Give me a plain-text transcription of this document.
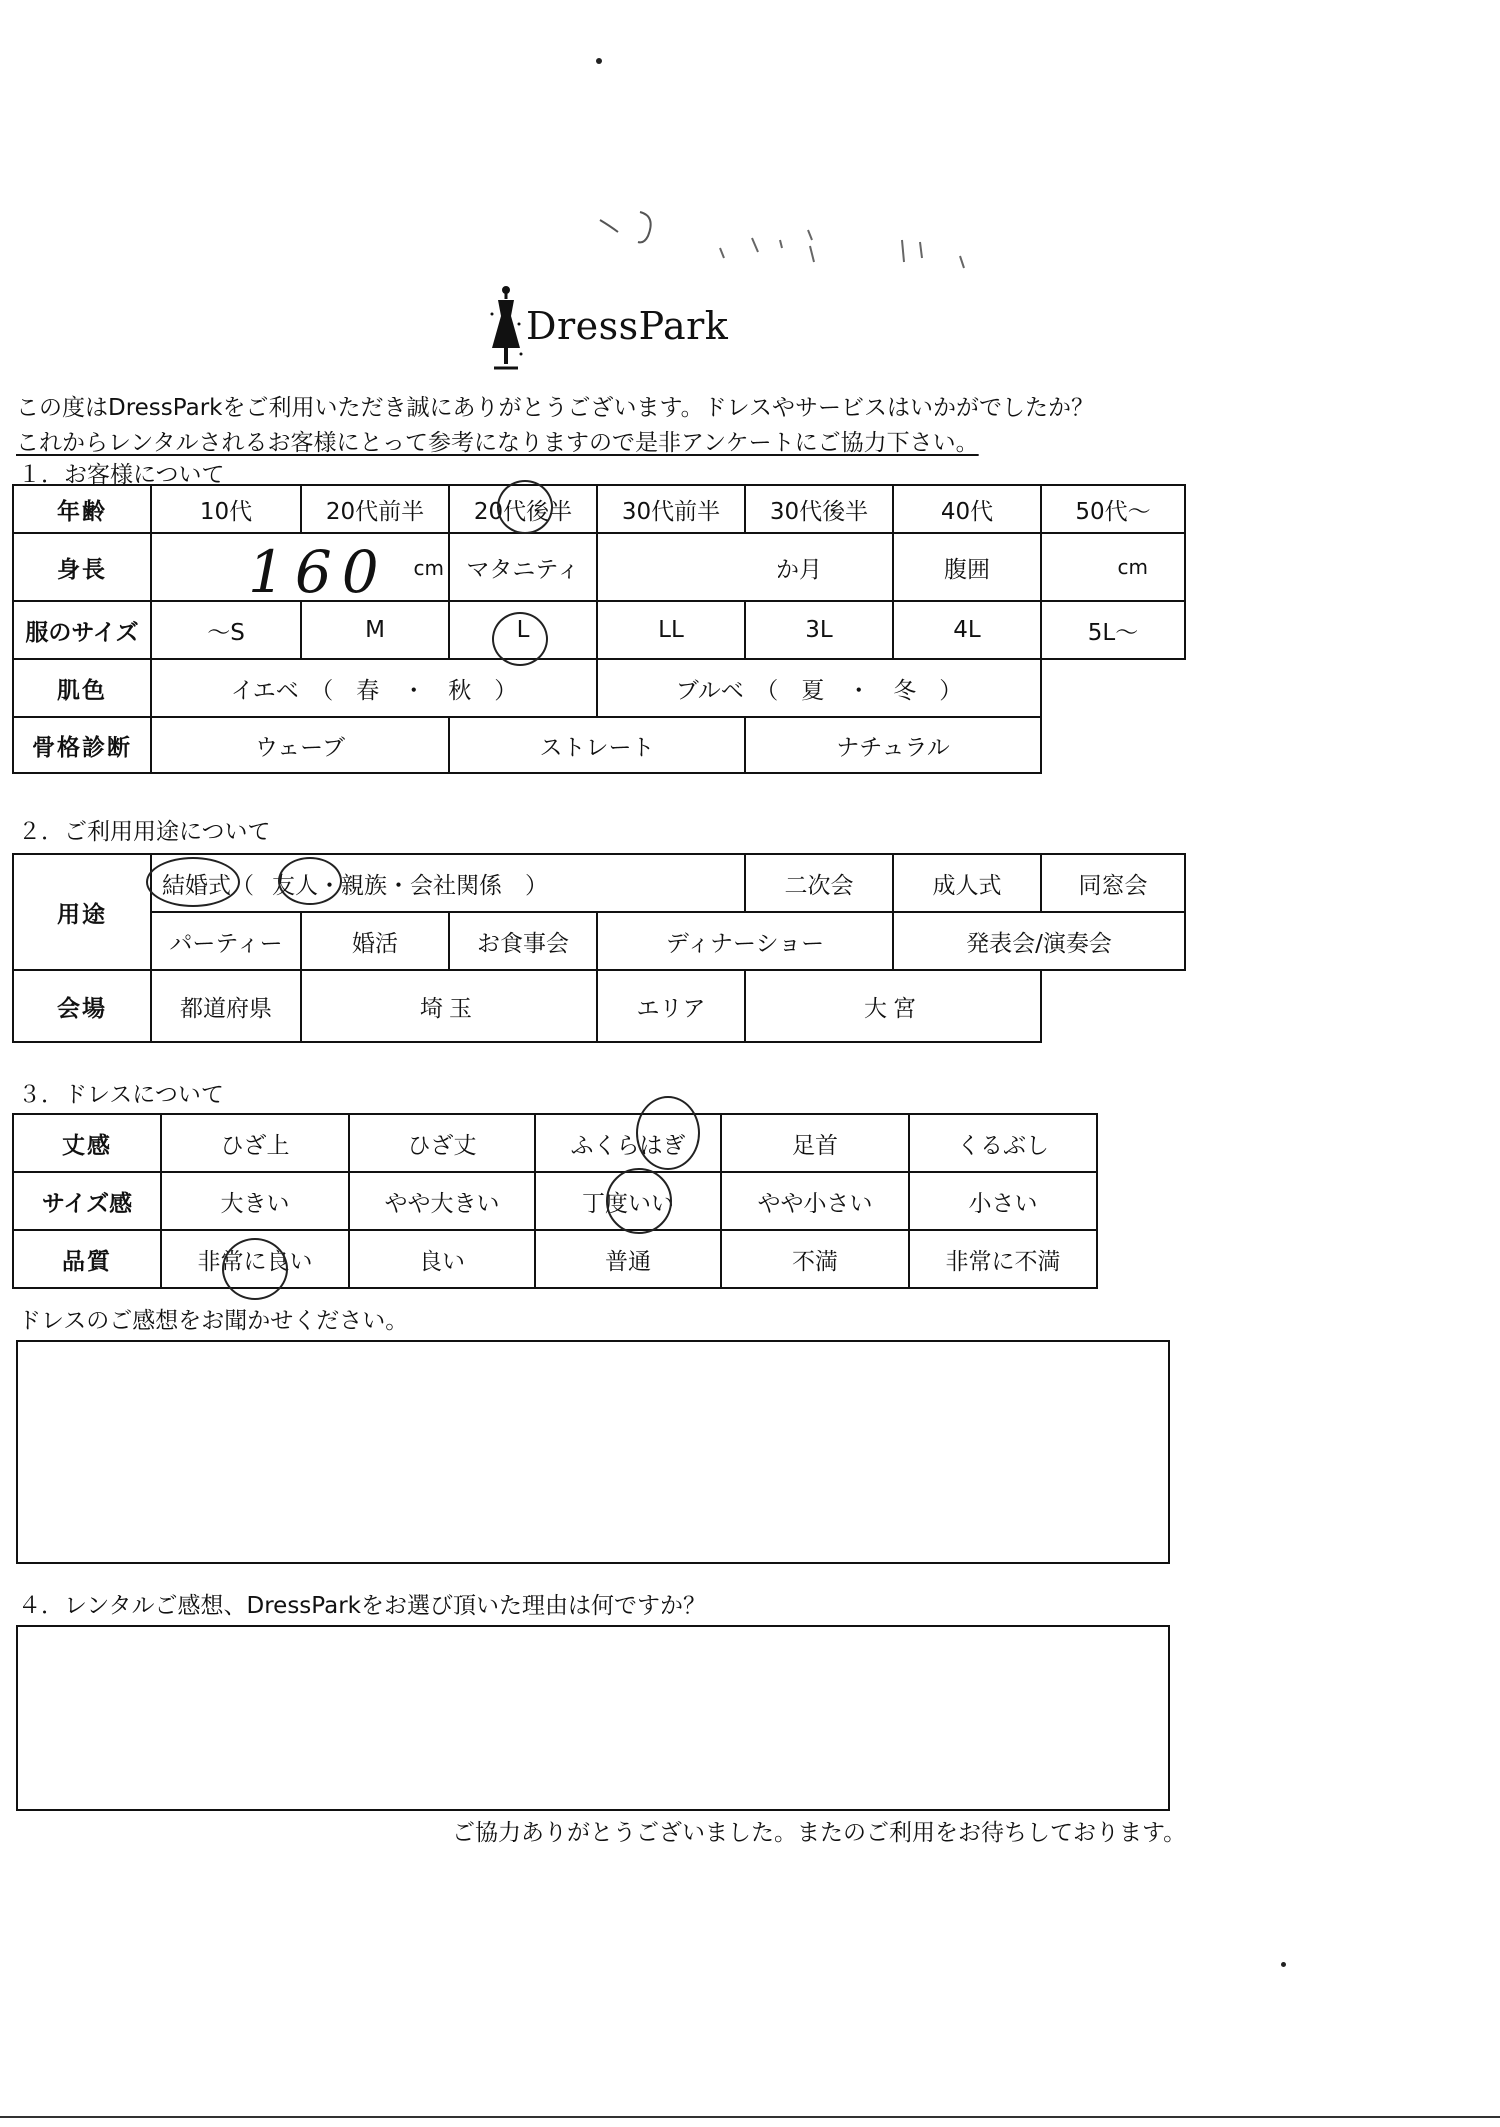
DressPark
この度はDressParkをご利用いただき誠にありがとうございます。ドレスやサービスはいかがでしたか？
これからレンタルされるお客様にとって参考になりますので是非アンケートにご協力下さい。
１．お客様について
年齢	10代	20代前半	20代後半	30代前半	30代後半	40代	50代～
身長	160 cm		マタニティ	か月		腹囲	cm
服のサイズ	～S	M	L	LL	3L	4L	5L～
肌色	イエベ　（　春　・　秋　）			ブルベ　（　夏　・　冬　）			
骨格診断	ウェーブ		ストレート		ナチュラル		
２．ご利用用途について
用途	結婚式（ 友人・親族・会社関係　）				二次会	成人式	同窓会	
	パーティー	婚活	お食事会	ディナーショー		発表会/演奏会		
会場	都道府県	埼玉		エリア	大宮			
３．ドレスについて
丈感	ひざ上	ひざ丈	ふくらはぎ	足首	くるぶし
サイズ感	大きい	やや大きい	丁度いい	やや小さい	小さい
品質	非常に良い	良い	普通	不満	非常に不満
ドレスのご感想をお聞かせください。
４．レンタルご感想、DressParkをお選び頂いた理由は何ですか？
ご協力ありがとうございました。またのご利用をお待ちしております。
